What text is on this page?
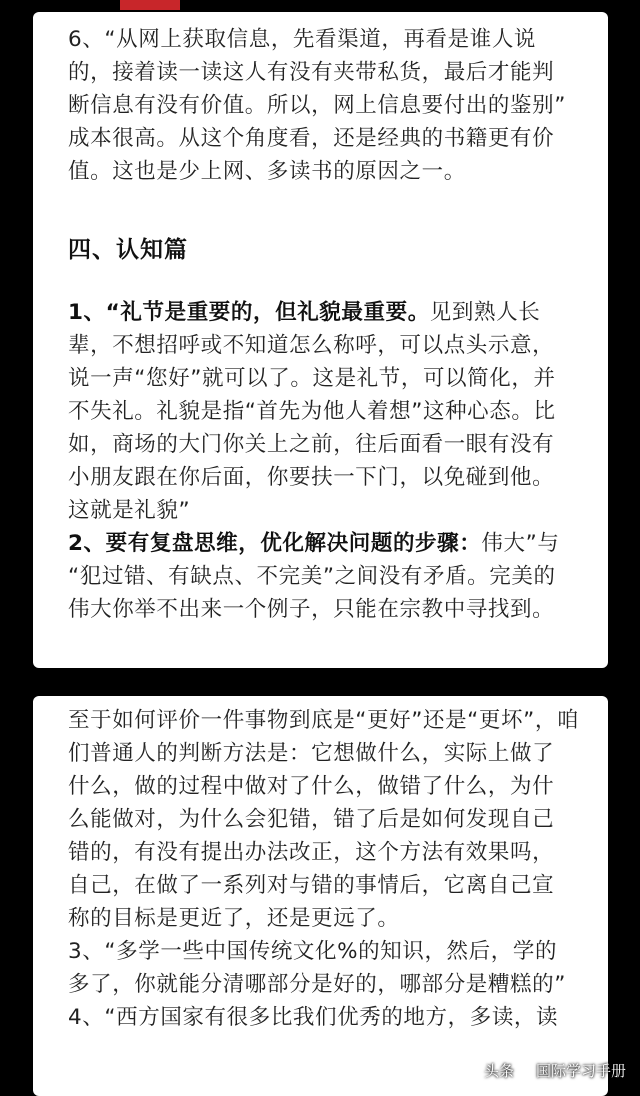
6、“从网上获取信息，先看渠道，再看是谁人说
的，接着读一读这人有没有夹带私货，最后才能判
断信息有没有价值。所以，网上信息要付出的鉴别”
成本很高。从这个角度看，还是经典的书籍更有价
值。这也是少上网、多读书的原因之一。
四、认知篇
1、“礼节是重要的，但礼貌最重要。见到熟人长
辈，不想招呼或不知道怎么称呼，可以点头示意，
说一声“您好”就可以了。这是礼节，可以简化，并
不失礼。礼貌是指“首先为他人着想”这种心态。比
如，商场的大门你关上之前，往后面看一眼有没有
小朋友跟在你后面，你要扶一下门，以免碰到他。
这就是礼貌”
2、要有复盘思维，优化解决问题的步骤：伟大”与
“犯过错、有缺点、不完美”之间没有矛盾。完美的
伟大你举不出来一个例子，只能在宗教中寻找到。
至于如何评价一件事物到底是“更好”还是“更坏”，咱
们普通人的判断方法是：它想做什么，实际上做了
什么，做的过程中做对了什么，做错了什么，为什
么能做对，为什么会犯错，错了后是如何发现自己
错的，有没有提出办法改正，这个方法有效果吗，
自己，在做了一系列对与错的事情后，它离自己宣
称的目标是更近了，还是更远了。
3、“多学一些中国传统文化%的知识，然后，学的
多了，你就能分清哪部分是好的，哪部分是糟糕的”
4、“西方国家有很多比我们优秀的地方，多读，读
头条 国际学习手册
